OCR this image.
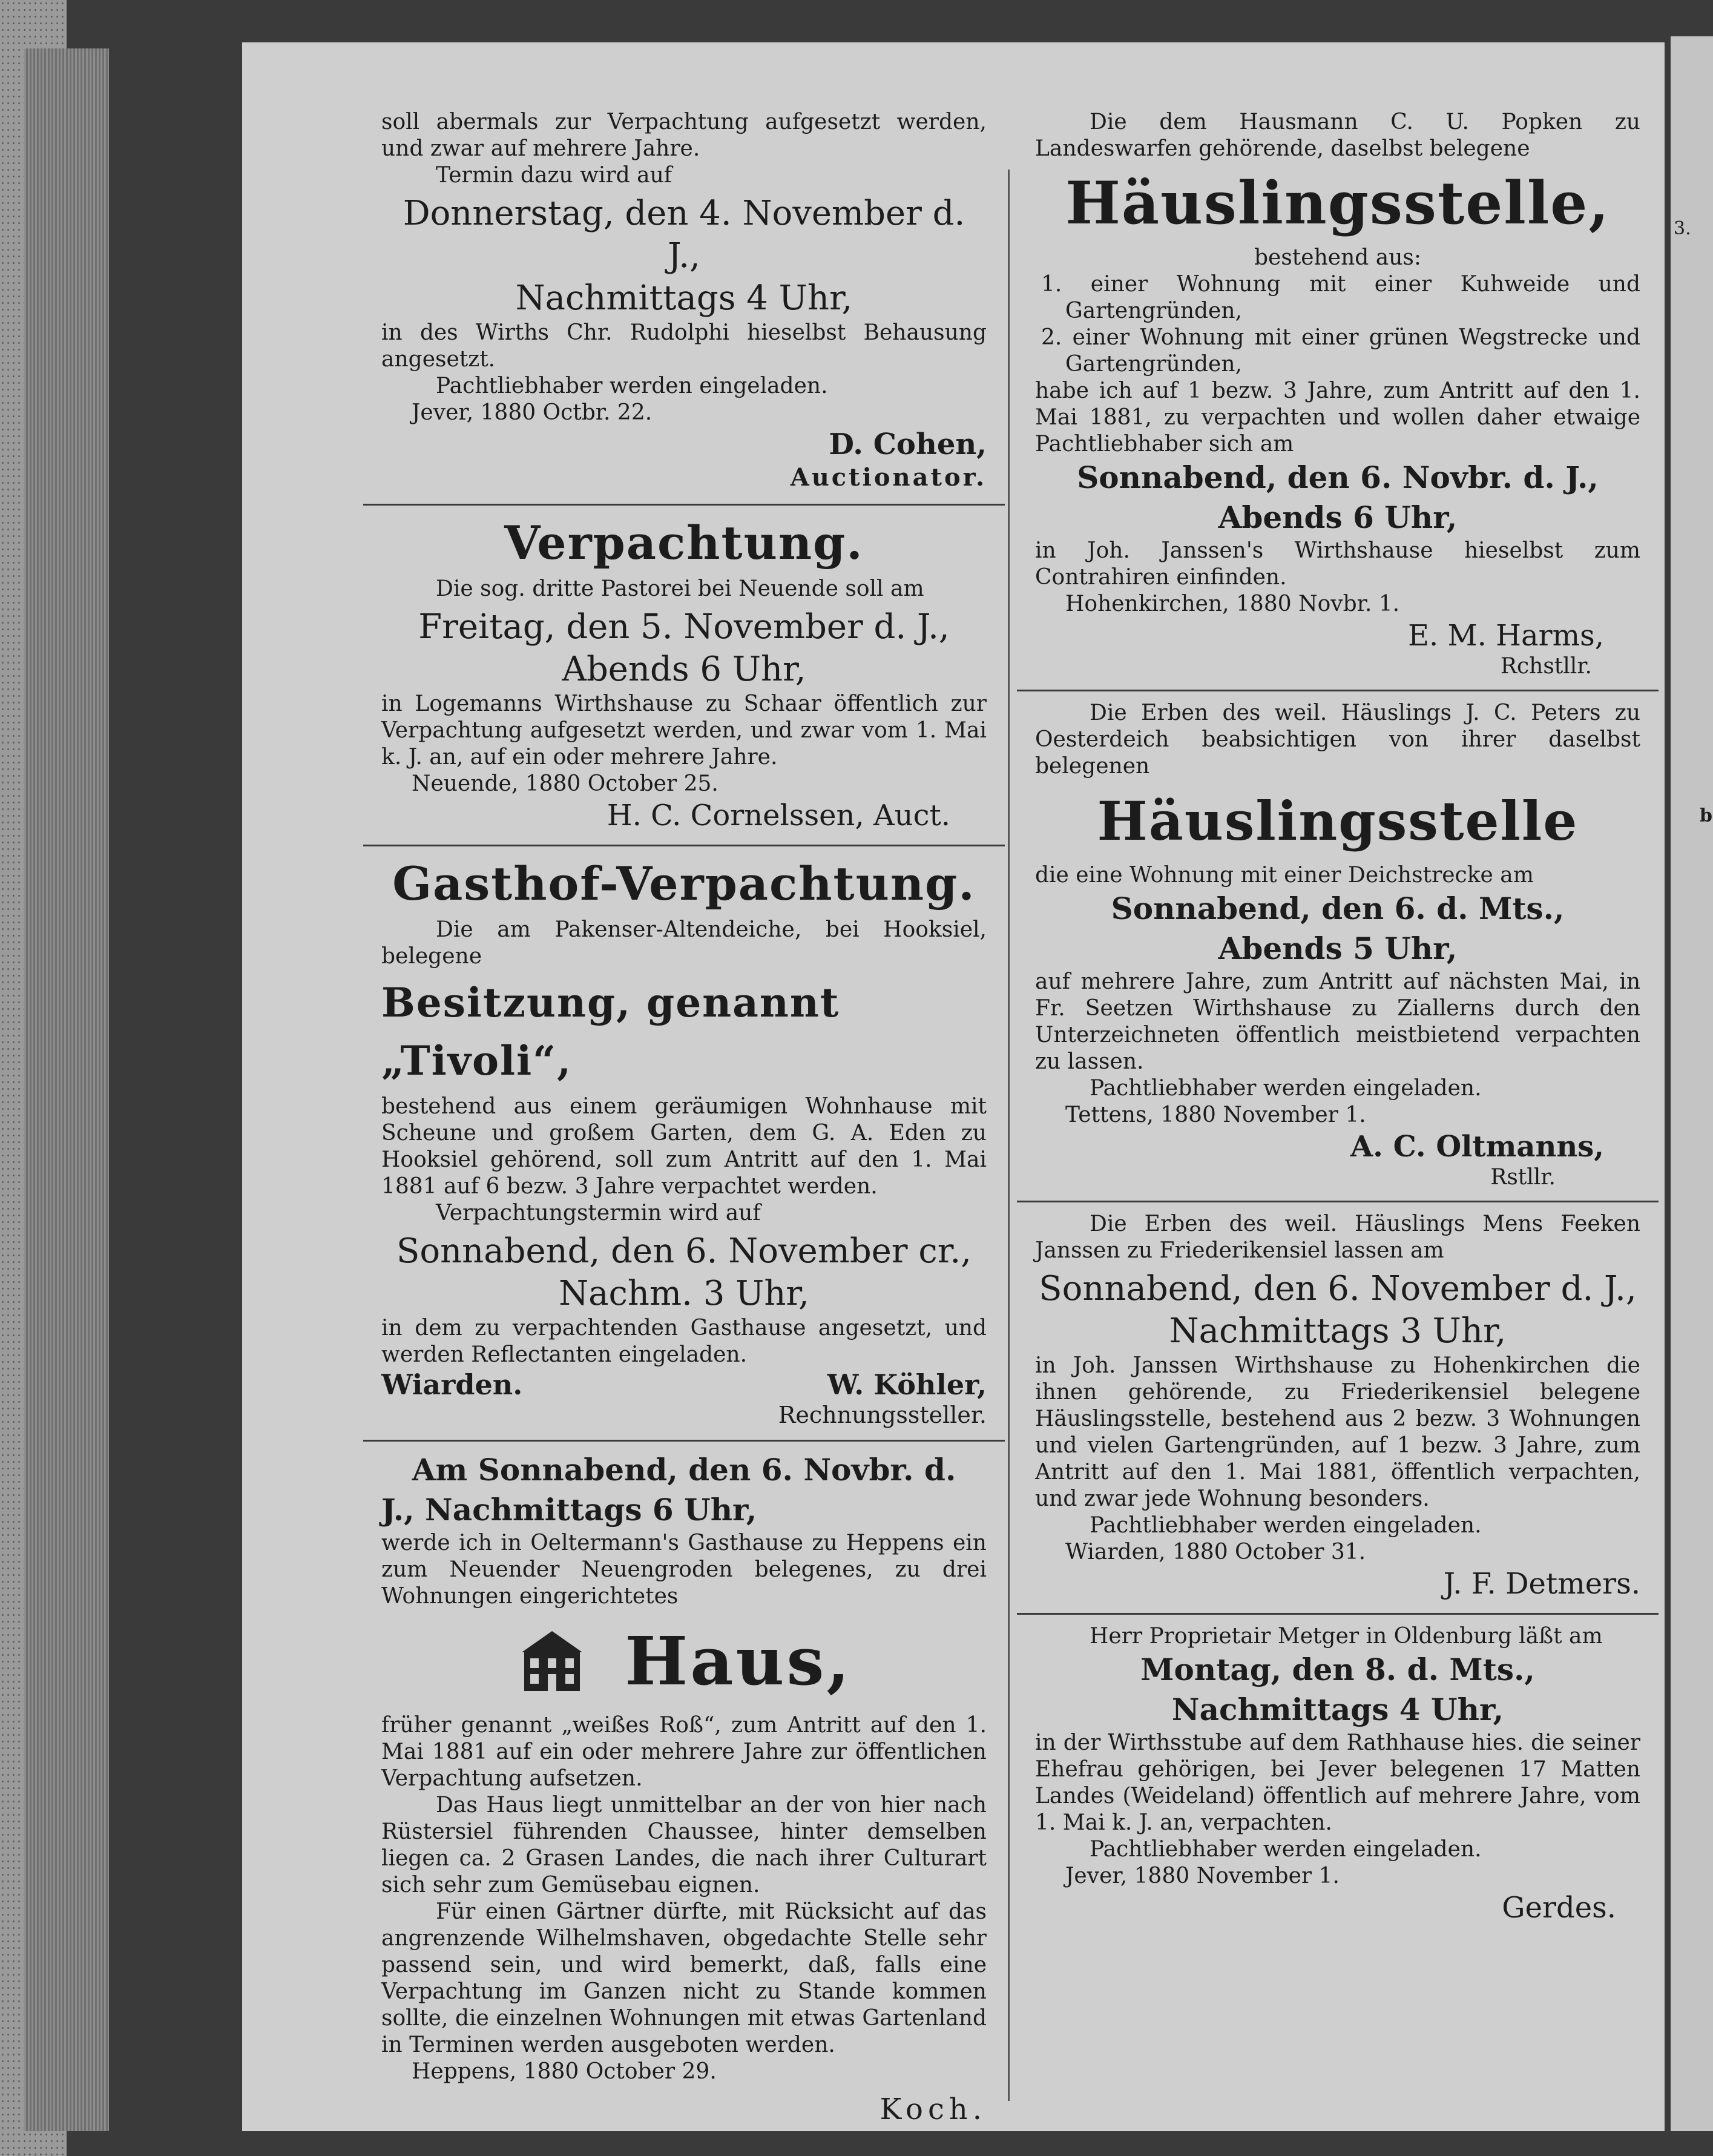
3.
b

soll abermals zur Verpachtung aufgesetzt werden, und zwar auf mehrere Jahre.

Termin dazu wird auf

Donnerstag, den 4. November d. J.,
Nachmittags 4 Uhr,

in des Wirths Chr. Rudolphi hieselbst Behausung angesetzt.

Pachtliebhaber werden eingeladen.

Jever, 1880 Octbr. 22.

D. Cohen,
Auctionator.
Verpachtung.

Die sog. dritte Pastorei bei Neuende soll am

Freitag, den 5. November d. J.,
Abends 6 Uhr,

in Logemanns Wirthshause zu Schaar öffentlich zur Verpachtung aufgesetzt werden, und zwar vom 1. Mai k. J. an, auf ein oder mehrere Jahre.

Neuende, 1880 October 25.

H. C. Cornelssen, Auct.
Gasthof-Verpachtung.

Die am Pakenser-Altendeiche, bei Hooksiel, belegene

Besitzung, genannt „Tivoli“,

bestehend aus einem geräumigen Wohnhause mit Scheune und großem Garten, dem G. A. Eden zu Hooksiel gehörend, soll zum Antritt auf den 1. Mai 1881 auf 6 bezw. 3 Jahre verpachtet werden.

Verpachtungstermin wird auf

Sonnabend, den 6. November cr.,
Nachm. 3 Uhr,

in dem zu verpachtenden Gasthause angesetzt, und werden Reflectanten eingeladen.

Wiarden.	W. Köhler,
Rechnungssteller.
Am Sonnabend, den 6. Novbr. d.
J., Nachmittags 6 Uhr,

werde ich in Oeltermann's Gasthause zu Heppens ein zum Neuender Neuengroden belegenes, zu drei Wohnungen eingerichtetes

Haus,

früher genannt „weißes Roß“, zum Antritt auf den 1. Mai 1881 auf ein oder mehrere Jahre zur öffentlichen Verpachtung aufsetzen.

Das Haus liegt unmittelbar an der von hier nach Rüstersiel führenden Chaussee, hinter demselben liegen ca. 2 Grasen Landes, die nach ihrer Culturart sich sehr zum Gemüsebau eignen.

Für einen Gärtner dürfte, mit Rücksicht auf das angrenzende Wilhelmshaven, obgedachte Stelle sehr passend sein, und wird bemerkt, daß, falls eine Verpachtung im Ganzen nicht zu Stande kommen sollte, die einzelnen Wohnungen mit etwas Gartenland in Terminen werden ausgeboten werden.

Heppens, 1880 October 29.

Koch.

Die dem Hausmann C. U. Popken zu Landeswarfen gehörende, daselbst belegene

Häuslingsstelle,

bestehend aus:

1. einer Wohnung mit einer Kuhweide und Gartengründen,

2. einer Wohnung mit einer grünen Wegstrecke und Gartengründen,

habe ich auf 1 bezw. 3 Jahre, zum Antritt auf den 1. Mai 1881, zu verpachten und wollen daher etwaige Pachtliebhaber sich am

Sonnabend, den 6. Novbr. d. J.,
Abends 6 Uhr,

in Joh. Janssen's Wirthshause hieselbst zum Contrahiren einfinden.

Hohenkirchen, 1880 Novbr. 1.

E. M. Harms,
Rchstllr.

Die Erben des weil. Häuslings J. C. Peters zu Oesterdeich beabsichtigen von ihrer daselbst belegenen

Häuslingsstelle

die eine Wohnung mit einer Deichstrecke am

Sonnabend, den 6. d. Mts.,
Abends 5 Uhr,

auf mehrere Jahre, zum Antritt auf nächsten Mai, in Fr. Seetzen Wirthshause zu Ziallerns durch den Unterzeichneten öffentlich meistbietend verpachten zu lassen.

Pachtliebhaber werden eingeladen.

Tettens, 1880 November 1.

A. C. Oltmanns,
Rstllr.

Die Erben des weil. Häuslings Mens Feeken Janssen zu Friederikensiel lassen am

Sonnabend, den 6. November d. J.,
Nachmittags 3 Uhr,

in Joh. Janssen Wirthshause zu Hohenkirchen die ihnen gehörende, zu Friederikensiel belegene Häuslingsstelle, bestehend aus 2 bezw. 3 Wohnungen und vielen Gartengründen, auf 1 bezw. 3 Jahre, zum Antritt auf den 1. Mai 1881, öffentlich verpachten, und zwar jede Wohnung besonders.

Pachtliebhaber werden eingeladen.

Wiarden, 1880 October 31.

J. F. Detmers.

Herr Proprietair Metger in Oldenburg läßt am

Montag, den 8. d. Mts.,
Nachmittags 4 Uhr,

in der Wirthsstube auf dem Rathhause hies. die seiner Ehefrau gehörigen, bei Jever belegenen 17 Matten Landes (Weideland) öffentlich auf mehrere Jahre, vom 1. Mai k. J. an, verpachten.

Pachtliebhaber werden eingeladen.

Jever, 1880 November 1.

Gerdes.
